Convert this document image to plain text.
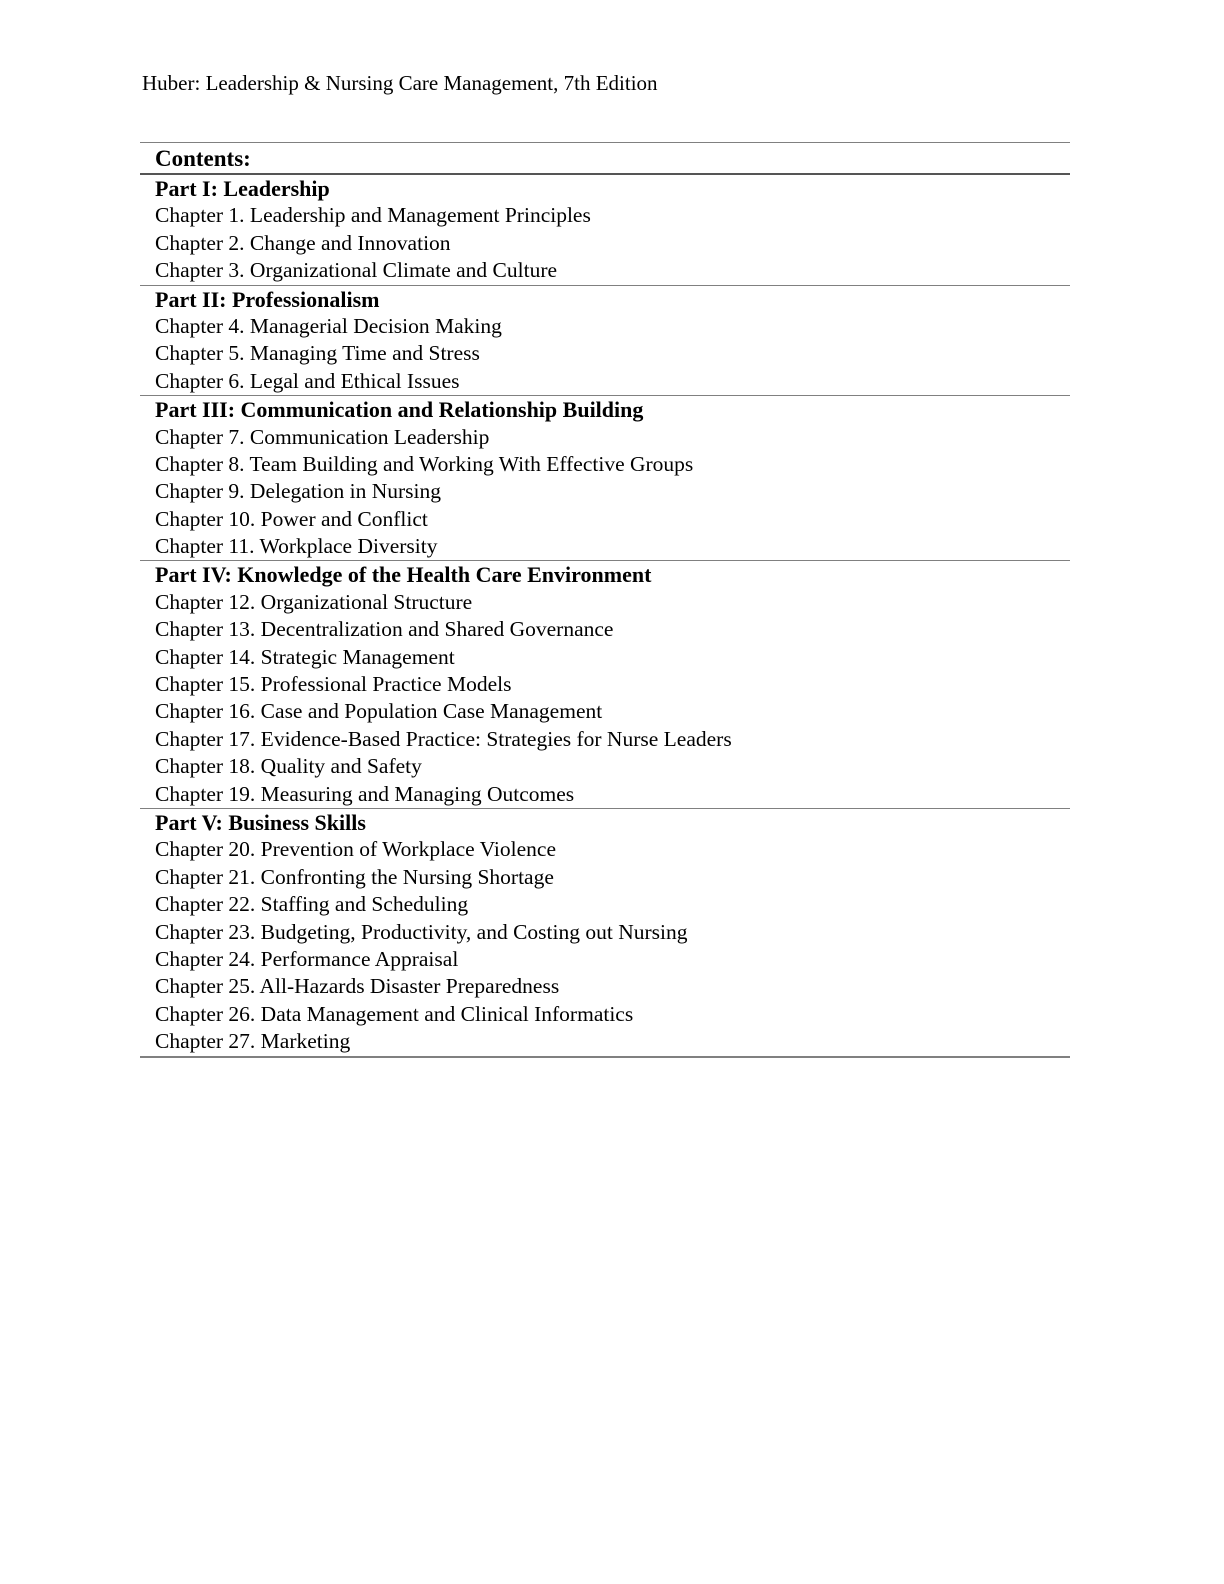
Huber: Leadership & Nursing Care Management, 7th Edition
Contents:
Part I: Leadership
Chapter 1. Leadership and Management Principles
Chapter 2. Change and Innovation
Chapter 3. Organizational Climate and Culture
Part II: Professionalism
Chapter 4. Managerial Decision Making
Chapter 5. Managing Time and Stress
Chapter 6. Legal and Ethical Issues
Part III: Communication and Relationship Building
Chapter 7. Communication Leadership
Chapter 8. Team Building and Working With Effective Groups
Chapter 9. Delegation in Nursing
Chapter 10. Power and Conflict
Chapter 11. Workplace Diversity
Part IV: Knowledge of the Health Care Environment
Chapter 12. Organizational Structure
Chapter 13. Decentralization and Shared Governance
Chapter 14. Strategic Management
Chapter 15. Professional Practice Models
Chapter 16. Case and Population Case Management
Chapter 17. Evidence-Based Practice: Strategies for Nurse Leaders
Chapter 18. Quality and Safety
Chapter 19. Measuring and Managing Outcomes
Part V: Business Skills
Chapter 20. Prevention of Workplace Violence
Chapter 21. Confronting the Nursing Shortage
Chapter 22. Staffing and Scheduling
Chapter 23. Budgeting, Productivity, and Costing out Nursing
Chapter 24. Performance Appraisal
Chapter 25. All-Hazards Disaster Preparedness
Chapter 26. Data Management and Clinical Informatics
Chapter 27. Marketing
